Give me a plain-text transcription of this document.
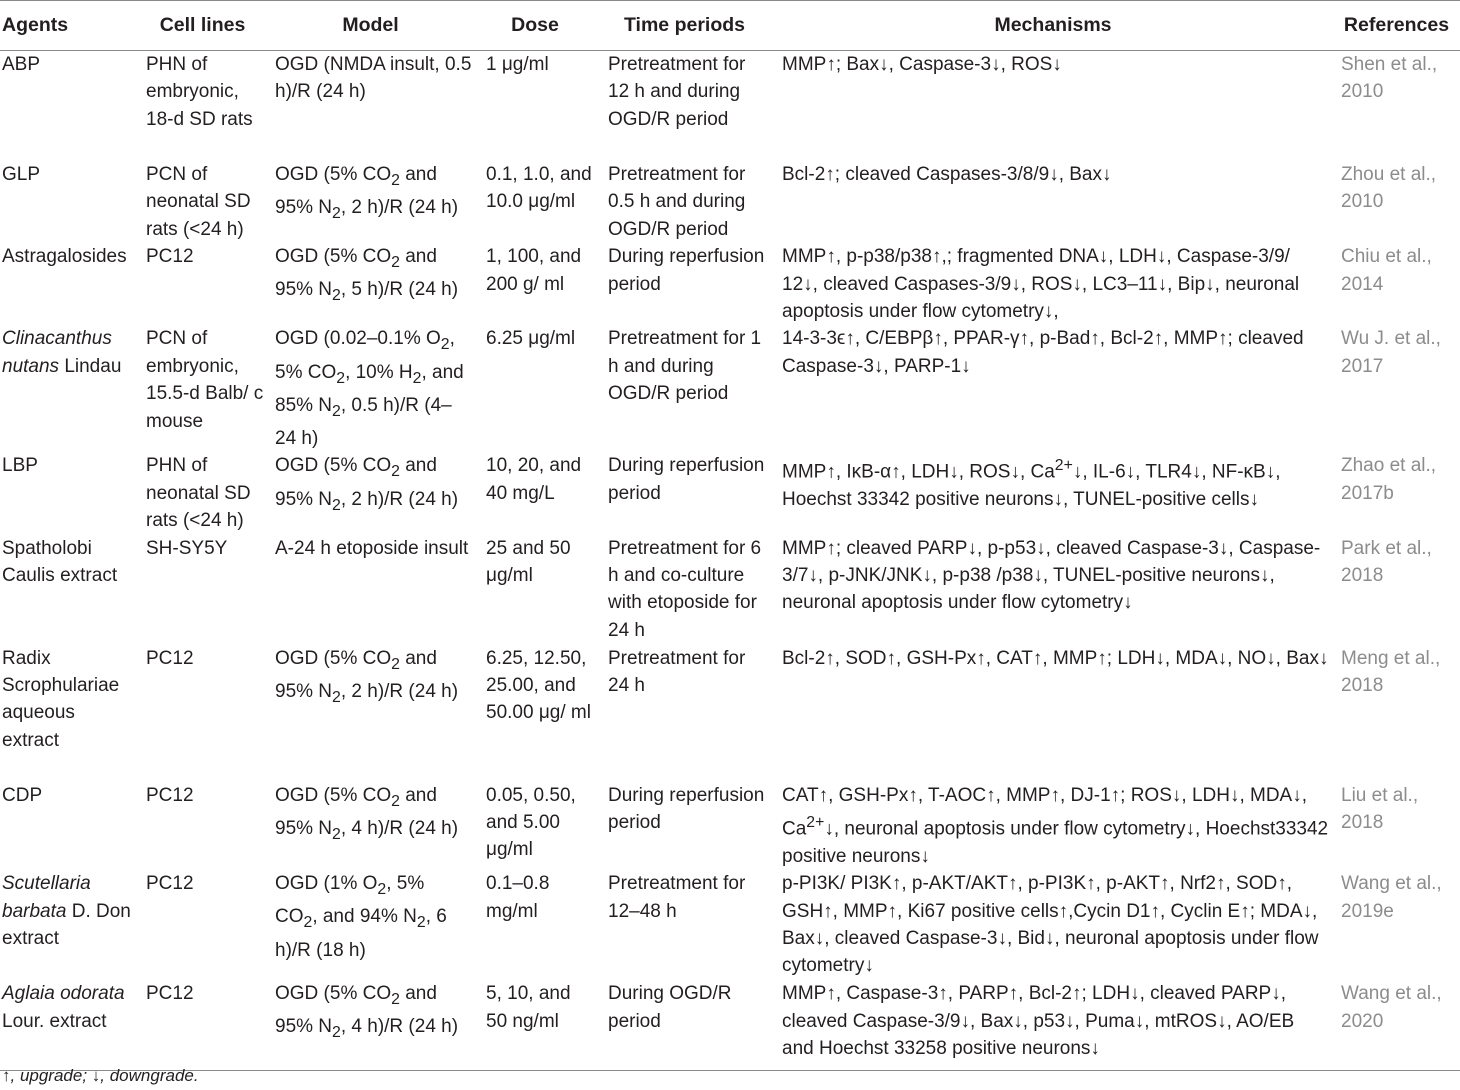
Agents	Cell lines	Model	Dose	Time periods	Mechanisms	References
ABP	PHN of embryonic, 18-d SD rats	OGD (NMDA insult, 0.5 h)/R (24 h)	1 μg/ml	Pretreatment for 12 h and during OGD/R period	MMP↑; Bax↓, Caspase-3↓, ROS↓	Shen et al., 2010
GLP	PCN of neonatal SD rats (<24 h)	OGD (5% $CO_2$ and 95% $N_2$, 2 h)/R (24 h)	0.1, 1.0, and 10.0 μg/ml	Pretreatment for 0.5 h and during OGD/R period	Bcl-2↑; cleaved Caspases-3/8/9↓, Bax↓	Zhou et al., 2010
Astragalosides	PC12	OGD (5% $CO_2$ and 95% $N_2$, 5 h)/R (24 h)	1, 100, and 200 g/ ml	During reperfusion period	MMP↑, p-p38/p38↑,; fragmented DNA↓, LDH↓, Caspase-3/9/ 12↓, cleaved Caspases-3/9↓, ROS↓, LC3–11↓, Bip↓, neuronal apoptosis under flow cytometry↓,	Chiu et al., 2014
Clinacanthus nutans Lindau	PCN of embryonic, 15.5-d Balb/ c mouse	OGD (0.02–0.1% $O_2$, 5% $CO_2$, 10% $H_2$, and 85% $N_2$, 0.5 h)/R (4–24 h)	6.25 μg/ml	Pretreatment for 1 h and during OGD/R period	14-3-3ϵ↑, C/EBPβ↑, PPAR-γ↑, p-Bad↑, Bcl-2↑, MMP↑; cleaved Caspase-3↓, PARP-1↓	Wu J. et al., 2017
LBP	PHN of neonatal SD rats (<24 h)	OGD (5% $CO_2$ and 95% $N_2$, 2 h)/R (24 h)	10, 20, and 40 mg/L	During reperfusion period	MMP↑, IκB-α↑, LDH↓, ROS↓, $Ca^{2+}↓$, IL-6↓, TLR4↓, NF-κB↓, Hoechst 33342 positive neurons↓, TUNEL-positive cells↓	Zhao et al., 2017b
Spatholobi Caulis extract	SH-SY5Y	A-24 h etoposide insult	25 and 50 μg/ml	Pretreatment for 6 h and co-culture with etoposide for 24 h	MMP↑; cleaved PARP↓, p-p53↓, cleaved Caspase-3↓, Caspase-3/7↓, p-JNK/JNK↓, p-p38 /p38↓, TUNEL-positive neurons↓, neuronal apoptosis under flow cytometry↓	Park et al., 2018
Radix Scrophulariae aqueous extract	PC12	OGD (5% $CO_2$ and 95% $N_2$, 2 h)/R (24 h)	6.25, 12.50, 25.00, and 50.00 μg/ ml	Pretreatment for 24 h	Bcl-2↑, SOD↑, GSH-Px↑, CAT↑, MMP↑; LDH↓, MDA↓, NO↓, Bax↓	Meng et al., 2018
CDP	PC12	OGD (5% $CO_2$ and 95% $N_2$, 4 h)/R (24 h)	0.05, 0.50, and 5.00 μg/ml	During reperfusion period	CAT↑, GSH-Px↑, T-AOC↑, MMP↑, DJ-1↑; ROS↓, LDH↓, MDA↓, $Ca^{2+}↓$, neuronal apoptosis under flow cytometry↓, Hoechst33342 positive neurons↓	Liu et al., 2018
Scutellaria barbata D. Don extract	PC12	OGD (1% $O_2$, 5% $CO_2$, and 94% $N_2$, 6 h)/R (18 h)	0.1–0.8 mg/ml	Pretreatment for 12–48 h	p-PI3K/ PI3K↑, p-AKT/AKT↑, p-PI3K↑, p-AKT↑, Nrf2↑, SOD↑, GSH↑, MMP↑, Ki67 positive cells↑,Cycin D1↑, Cyclin E↑; MDA↓, Bax↓, cleaved Caspase-3↓, Bid↓, neuronal apoptosis under flow cytometry↓	Wang et al., 2019e
Aglaia odorata Lour. extract	PC12	OGD (5% $CO_2$ and 95% $N_2$, 4 h)/R (24 h)	5, 10, and 50 ng/ml	During OGD/R period	MMP↑, Caspase-3↑, PARP↑, Bcl-2↑; LDH↓, cleaved PARP↓, cleaved Caspase-3/9↓, Bax↓, p53↓, Puma↓, mtROS↓, AO/EB and Hoechst 33258 positive neurons↓	Wang et al., 2020
↑, upgrade; ↓, downgrade.
